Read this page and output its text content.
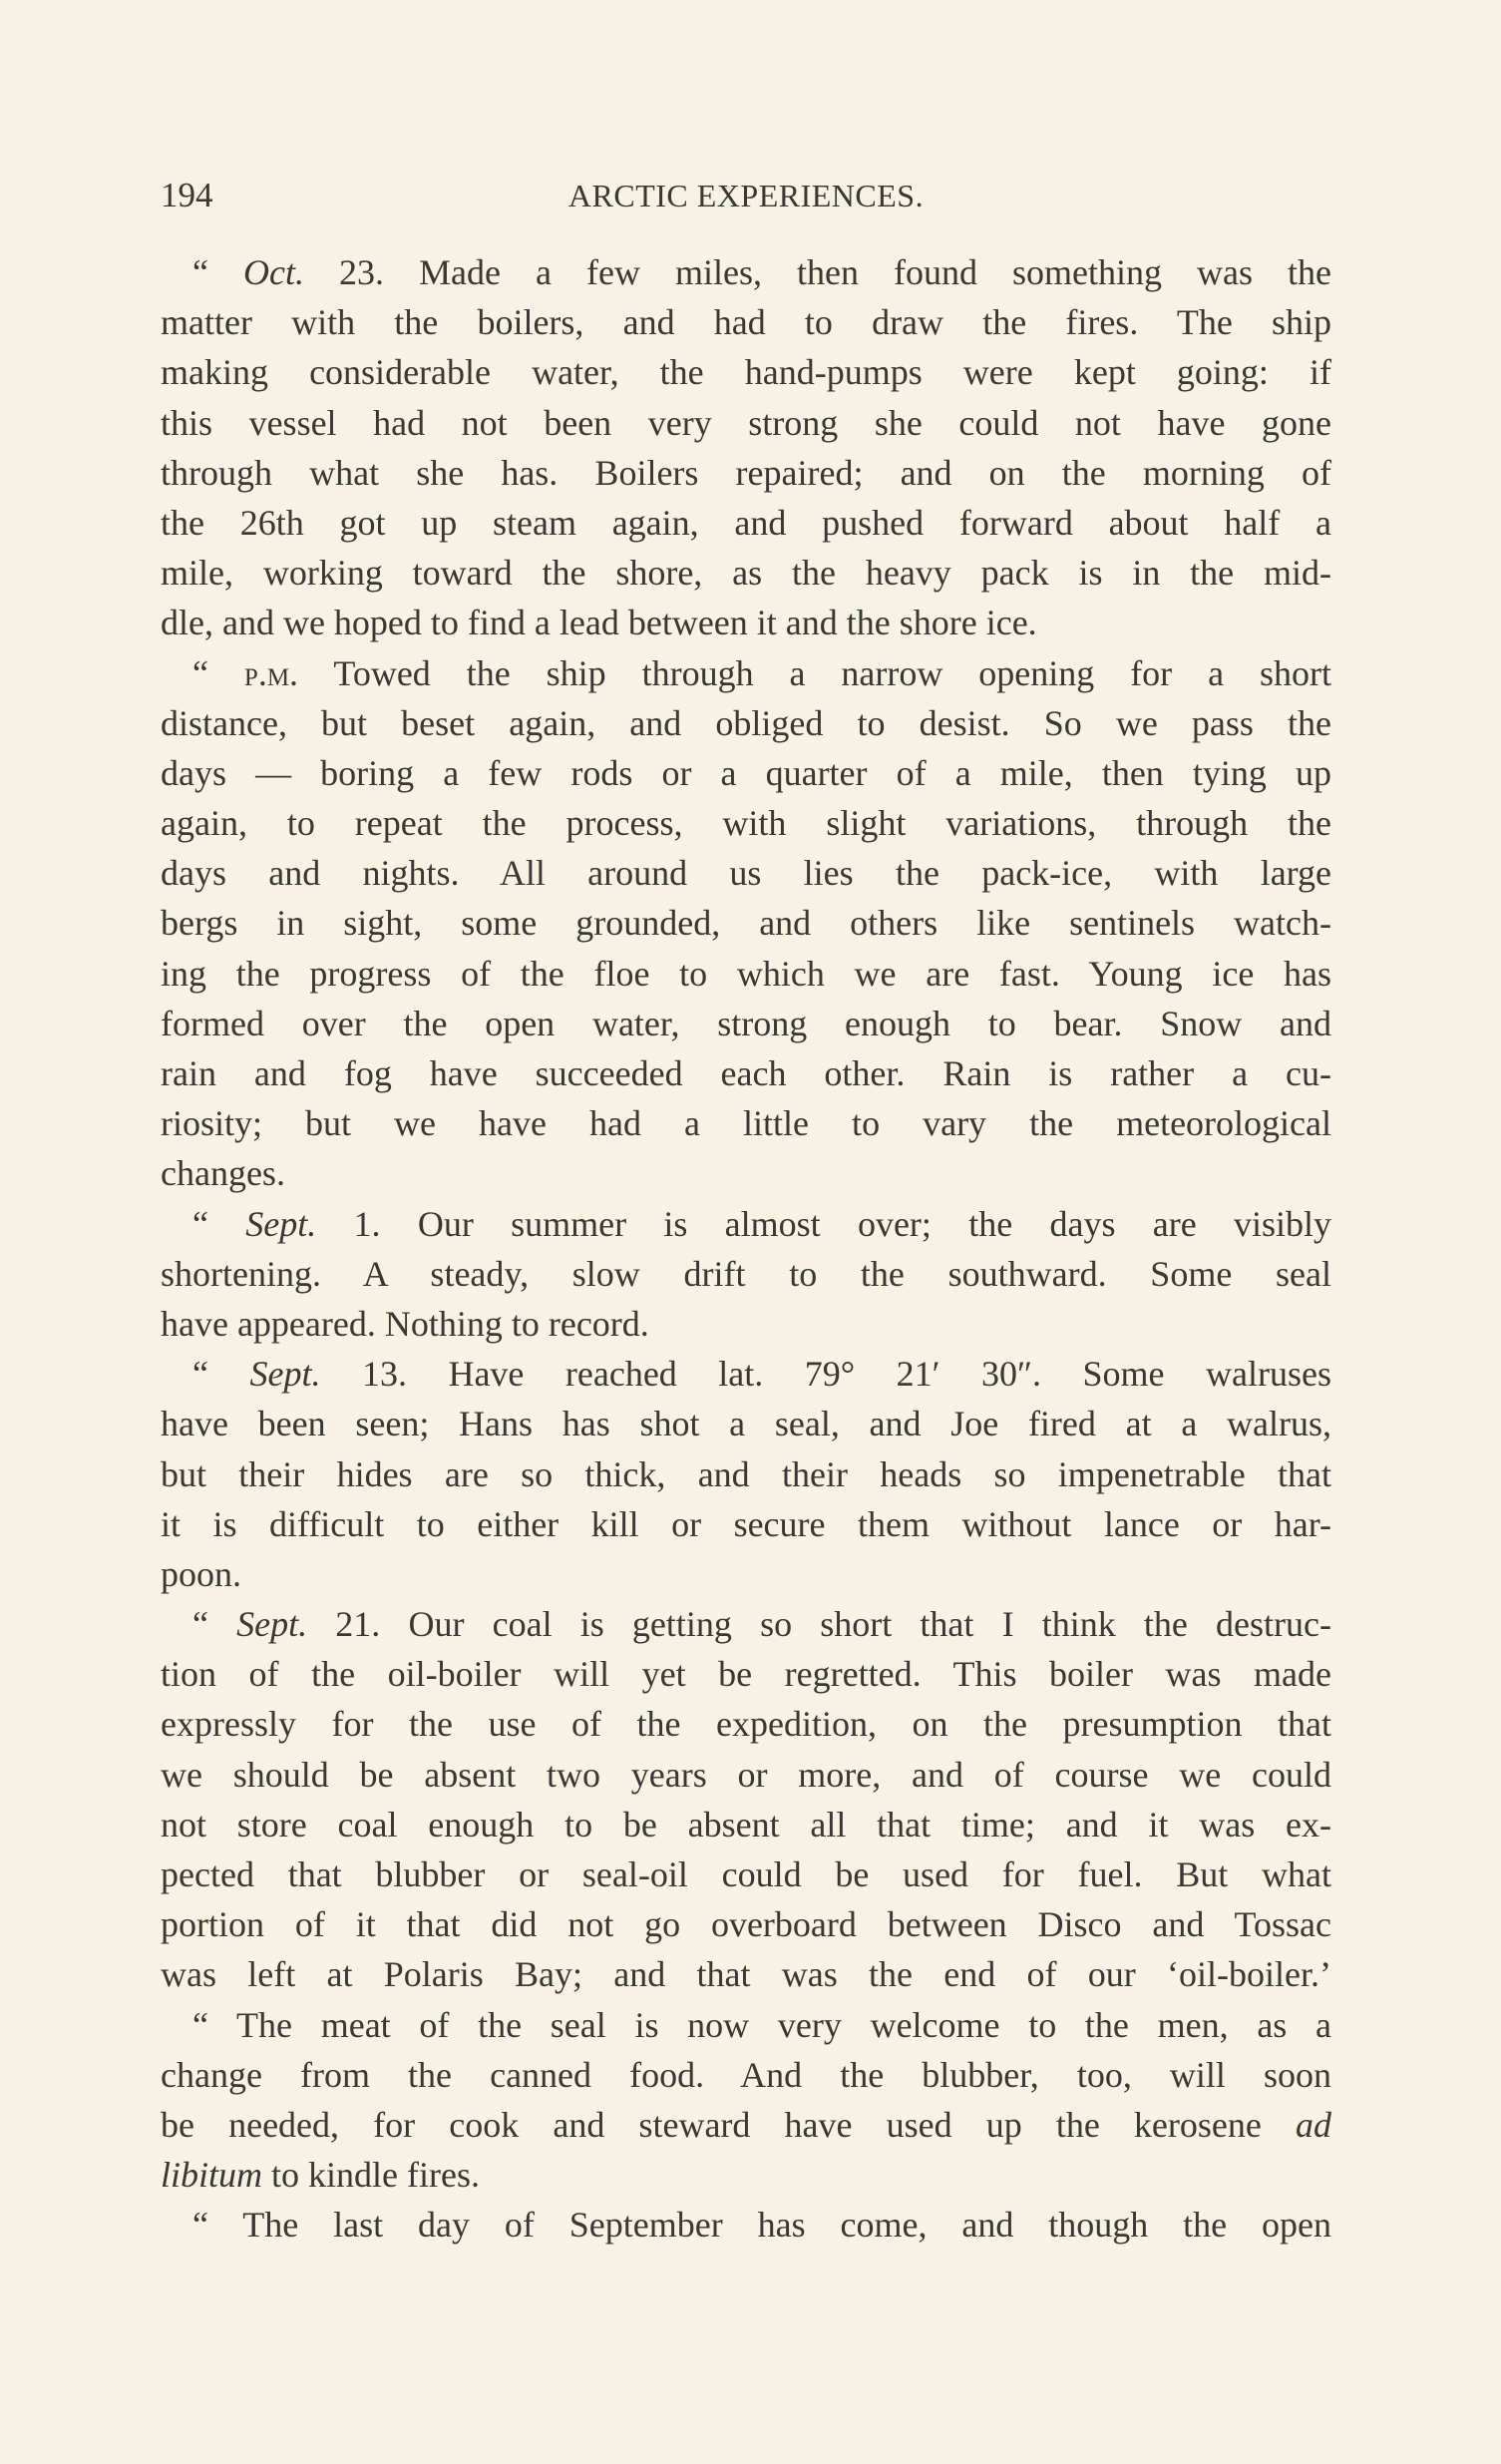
194	ARCTIC EXPERIENCES.
“ Oct. 23. Made a few miles, then found something was the
matter with the boilers, and had to draw the fires. The ship
making considerable water, the hand-pumps were kept going: if
this vessel had not been very strong she could not have gone
through what she has. Boilers repaired; and on the morning of
the 26th got up steam again, and pushed forward about half a
mile, working toward the shore, as the heavy pack is in the mid-
dle, and we hoped to find a lead between it and the shore ice.
“ p.m. Towed the ship through a narrow opening for a short
distance, but beset again, and obliged to desist. So we pass the
days — boring a few rods or a quarter of a mile, then tying up
again, to repeat the process, with slight variations, through the
days and nights. All around us lies the pack-ice, with large
bergs in sight, some grounded, and others like sentinels watch-
ing the progress of the floe to which we are fast. Young ice has
formed over the open water, strong enough to bear. Snow and
rain and fog have succeeded each other. Rain is rather a cu-
riosity; but we have had a little to vary the meteorological
changes.
“ Sept. 1. Our summer is almost over; the days are visibly
shortening. A steady, slow drift to the southward. Some seal
have appeared. Nothing to record.
“ Sept. 13. Have reached lat. 79° 21′ 30″. Some walruses
have been seen; Hans has shot a seal, and Joe fired at a walrus,
but their hides are so thick, and their heads so impenetrable that
it is difficult to either kill or secure them without lance or har-
poon.
“ Sept. 21. Our coal is getting so short that I think the destruc-
tion of the oil-boiler will yet be regretted. This boiler was made
expressly for the use of the expedition, on the presumption that
we should be absent two years or more, and of course we could
not store coal enough to be absent all that time; and it was ex-
pected that blubber or seal-oil could be used for fuel. But what
portion of it that did not go overboard between Disco and Tossac
was left at Polaris Bay; and that was the end of our ‘oil-boiler.’
“ The meat of the seal is now very welcome to the men, as a
change from the canned food. And the blubber, too, will soon
be needed, for cook and steward have used up the kerosene ad
libitum to kindle fires.
“ The last day of September has come, and though the open
